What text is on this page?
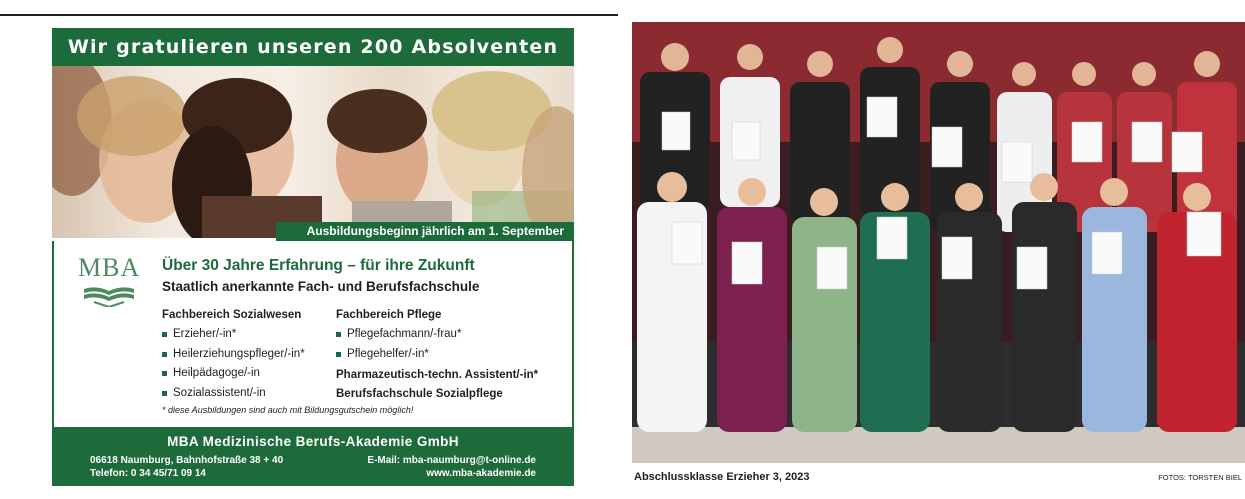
Wir gratulieren unseren 200 Absolventen
Ausbildungsbeginn jährlich am 1. September
MBA Über 30 Jahre Erfahrung – für ihre Zukunft
Staatlich anerkannte Fach- und Berufsfachschule
Fachbereich Sozialwesen
Erzieher/-in*
Heilerziehungspfleger/-in*
Heilpädagoge/-in
Sozialassistent/-in
Fachbereich Pflege
Pflegefachmann/-frau*
Pflegehelfer/-in*
Pharmazeutisch-techn. Assistent/-in*
Berufsfachschule Sozialpflege
* diese Ausbildungen sind auch mit Bildungsgutschein möglich!
MBA Medizinische Berufs-Akademie GmbH
06618 Naumburg, Bahnhofstraße 38 + 40
Telefon: 0 34 45/71 09 14
E-Mail: mba-naumburg@t-online.de
www.mba-akademie.de	Abschlussklasse Erzieher 3, 2023	FOTOS: TORSTEN BIEL
